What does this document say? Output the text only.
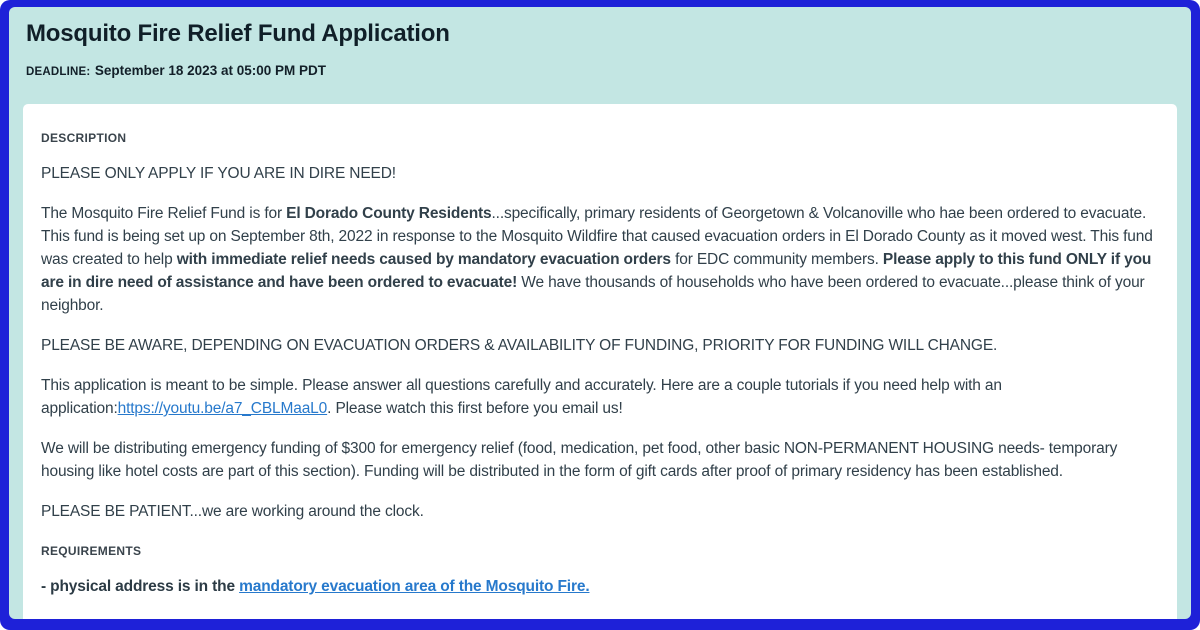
Mosquito Fire Relief Fund Application
DEADLINE: September 18 2023 at 05:00 PM PDT
DESCRIPTION

PLEASE ONLY APPLY IF YOU ARE IN DIRE NEED!

The Mosquito Fire Relief Fund is for El Dorado County Residents...specifically, primary residents of Georgetown & Volcanoville who hae been ordered to evacuate. This fund is being set up on September 8th, 2022 in response to the Mosquito Wildfire that caused evacuation orders in El Dorado County as it moved west. This fund was created to help with immediate relief needs caused by mandatory evacuation orders for EDC community members. Please apply to this fund ONLY if you are in dire need of assistance and have been ordered to evacuate! We have thousands of households who have been ordered to evacuate...please think of your neighbor.

PLEASE BE AWARE, DEPENDING ON EVACUATION ORDERS & AVAILABILITY OF FUNDING, PRIORITY FOR FUNDING WILL CHANGE.

This application is meant to be simple. Please answer all questions carefully and accurately. Here are a couple tutorials if you need help with an application:https://youtu.be/a7_CBLMaaL0. Please watch this first before you email us!

We will be distributing emergency funding of $300 for emergency relief (food, medication, pet food, other basic NON-PERMANENT HOUSING needs- temporary housing like hotel costs are part of this section). Funding will be distributed in the form of gift cards after proof of primary residency has been established.

PLEASE BE PATIENT...we are working around the clock.

REQUIREMENTS

- physical address is in the mandatory evacuation area of the Mosquito Fire.
